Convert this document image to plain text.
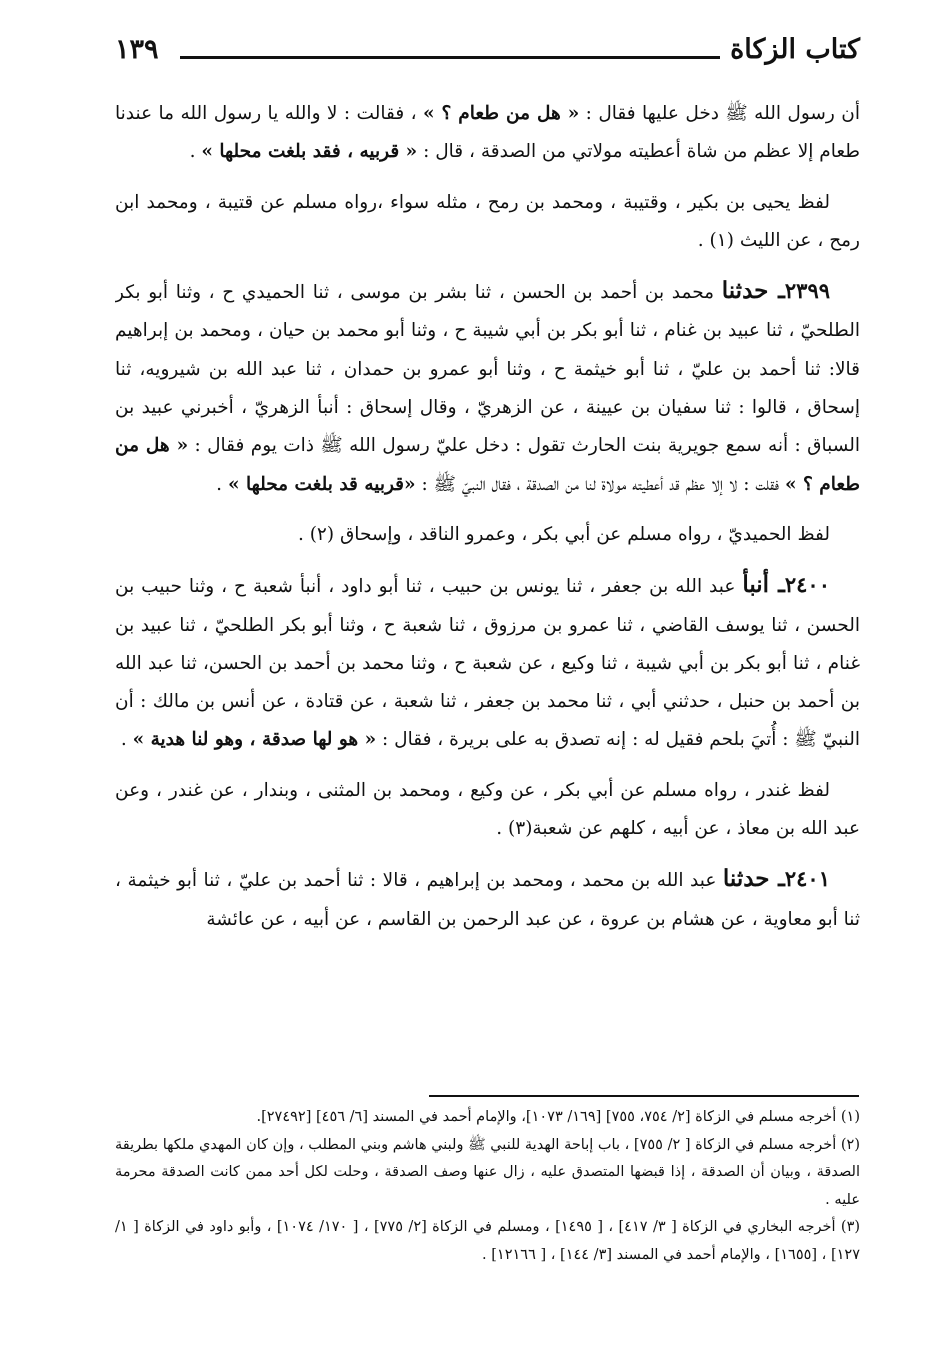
كتاب الزكاة
١٣٩

أن رسول الله ﷺ دخل عليها فقال : « هل من طعام ؟ » ، فقالت : لا والله يا رسول الله ما عندنا طعام إلا عظم من شاة أعطيته مولاتي من الصدقة ، قال : « قربيه ، فقد بلغت محلها » .

لفظ يحيى بن بكير ، وقتيبة ، ومحمد بن رمح ، مثله سواء ،رواه مسلم عن قتيبة ، ومحمد ابن رمح ، عن الليث (١) .

٢٣٩٩ـ حدثنا محمد بن أحمد بن الحسن ، ثنا بشر بن موسى ، ثنا الحميدي ح ، وثنا أبو بكر الطلحيّ ، ثنا عبيد بن غنام ، ثنا أبو بكر بن أبي شيبة ح ، وثنا أبو محمد بن حيان ، ومحمد بن إبراهيم قالا: ثنا أحمد بن عليّ ، ثنا أبو خيثمة ح ، وثنا أبو عمرو بن حمدان ، ثنا عبد الله بن شيرويه، ثنا إسحاق ، قالوا : ثنا سفيان بن عيينة ، عن الزهريّ ، وقال إسحاق : أنبأ الزهريّ ، أخبرني عبيد بن السباق : أنه سمع جويرية بنت الحارث تقول : دخل عليّ رسول الله ﷺ ذات يوم فقال : « هل من طعام ؟ » فقلت : لا إلا عظم قد أعطيته مولاة لنا من الصدقة ، فقال النبيّ ﷺ : «قربيه قد بلغت محلها » .

لفظ الحميديّ ، رواه مسلم عن أبي بكر ، وعمرو الناقد ، وإسحاق (٢) .

٢٤٠٠ـ أنبأ عبد الله بن جعفر ، ثنا يونس بن حبيب ، ثنا أبو داود ، أنبأ شعبة ح ، وثنا حبيب بن الحسن ، ثنا يوسف القاضي ، ثنا عمرو بن مرزوق ، ثنا شعبة ح ، وثنا أبو بكر الطلحيّ ، ثنا عبيد بن غنام ، ثنا أبو بكر بن أبي شيبة ، ثنا وكيع ، عن شعبة ح ، وثنا محمد بن أحمد بن الحسن، ثنا عبد الله بن أحمد بن حنبل ، حدثني أبي ، ثنا محمد بن جعفر ، ثنا شعبة ، عن قتادة ، عن أنس بن مالك : أن النبيّ ﷺ : أُتيَ بلحم فقيل له : إنه تصدق به على بريرة ، فقال : « هو لها صدقة ، وهو لنا هدية » .

لفظ غندر ، رواه مسلم عن أبي بكر ، عن وكيع ، ومحمد بن المثنى ، وبندار ، عن غندر ، وعن عبد الله بن معاذ ، عن أبيه ، كلهم عن شعبة(٣) .

٢٤٠١ـ حدثنا عبد الله بن محمد ، ومحمد بن إبراهيم ، قالا : ثنا أحمد بن عليّ ، ثنا أبو خيثمة ، ثنا أبو معاوية ، عن هشام بن عروة ، عن عبد الرحمن بن القاسم ، عن أبيه ، عن عائشة

(١) أخرجه مسلم في الزكاة [٢/ ٧٥٤، ٧٥٥] [١٦٩/ ١٠٧٣]، والإمام أحمد في المسند [٦/ ٤٥٦] [٢٧٤٩٢].

(٢) أخرجه مسلم في الزكاة [ ٢/ ٧٥٥] ، باب إباحة الهدية للنبي ﷺ ولبني هاشم وبني المطلب ، وإن كان المهدي ملكها بطريقة الصدقة ، وبيان أن الصدقة ، إذا قبضها المتصدق عليه ، زال عنها وصف الصدقة ، وحلت لكل أحد ممن كانت الصدقة محرمة عليه .

(٣) أخرجه البخاري في الزكاة [ ٣/ ٤١٧] ، [ ١٤٩٥] ، ومسلم في الزكاة [٢/ ٧٧٥] ، [ ١٧٠/ ١٠٧٤] ، وأبو داود في الزكاة [ ١/ ١٢٧] ، [١٦٥٥] ، والإمام أحمد في المسند [٣/ ١٤٤] ، [ ١٢١٦٦] .
